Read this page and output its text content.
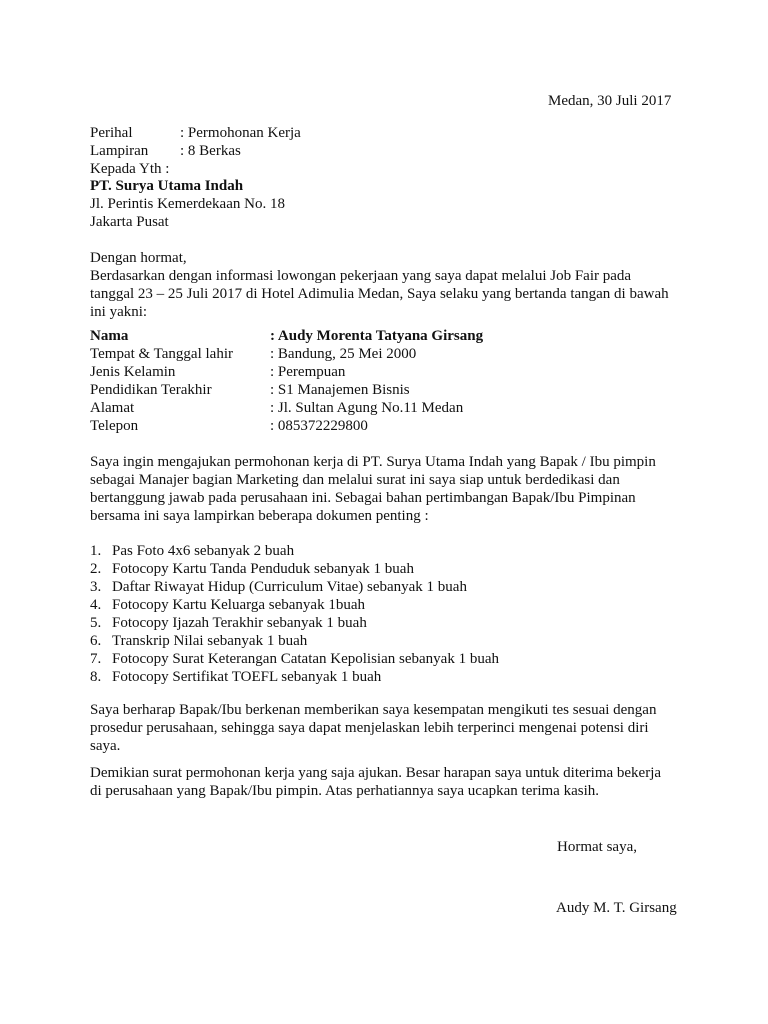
Medan, 30 Juli 2017
Perihal	: Permohonan Kerja
Lampiran	: 8 Berkas
Kepada Yth :
PT. Surya Utama Indah
Jl. Perintis Kemerdekaan No. 18
Jakarta Pusat
Dengan hormat,
Berdasarkan dengan informasi lowongan pekerjaan yang saya dapat melalui Job Fair pada
tanggal 23 – 25 Juli 2017 di Hotel Adimulia Medan, Saya selaku yang bertanda tangan di bawah
ini yakni:
Nama	: Audy Morenta Tatyana Girsang
Tempat & Tanggal lahir	: Bandung, 25 Mei 2000
Jenis Kelamin	: Perempuan
Pendidikan Terakhir	: S1 Manajemen Bisnis
Alamat	: Jl. Sultan Agung No.11 Medan
Telepon	: 085372229800
Saya ingin mengajukan permohonan kerja di PT. Surya Utama Indah yang Bapak / Ibu pimpin
sebagai Manajer bagian Marketing dan melalui surat ini saya siap untuk berdedikasi dan
bertanggung jawab pada perusahaan ini. Sebagai bahan pertimbangan Bapak/Ibu Pimpinan
bersama ini saya lampirkan beberapa dokumen penting :
1. Pas Foto 4x6 sebanyak 2 buah
2. Fotocopy Kartu Tanda Penduduk sebanyak 1 buah
3. Daftar Riwayat Hidup (Curriculum Vitae) sebanyak 1 buah
4. Fotocopy Kartu Keluarga sebanyak 1buah
5. Fotocopy Ijazah Terakhir sebanyak 1 buah
6. Transkrip Nilai sebanyak 1 buah
7. Fotocopy Surat Keterangan Catatan Kepolisian sebanyak 1 buah
8. Fotocopy Sertifikat TOEFL sebanyak 1 buah
Saya berharap Bapak/Ibu berkenan memberikan saya kesempatan mengikuti tes sesuai dengan
prosedur perusahaan, sehingga saya dapat menjelaskan lebih terperinci mengenai potensi diri
saya.
Demikian surat permohonan kerja yang saja ajukan. Besar harapan saya untuk diterima bekerja
di perusahaan yang Bapak/Ibu pimpin. Atas perhatiannya saya ucapkan terima kasih.
Hormat saya,
Audy M. T. Girsang
